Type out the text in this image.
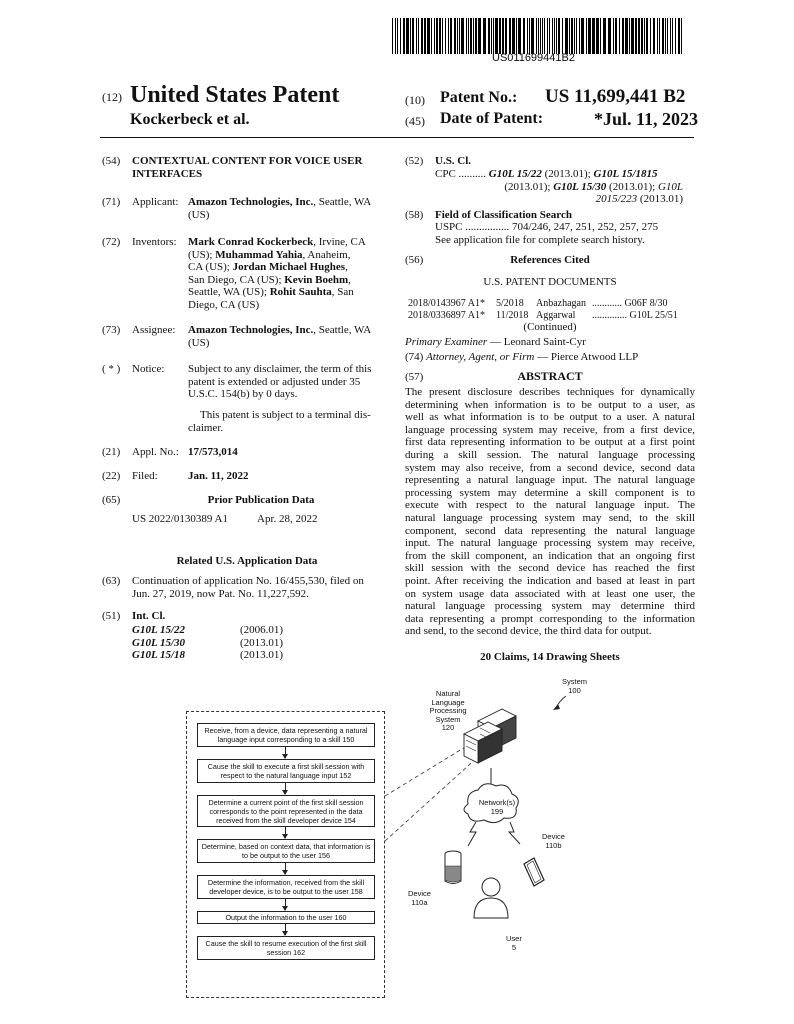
US011699441B2
(12) United States Patent
Kockerbeck et al.
(10) Patent No.: US 11,699,441 B2
(45) Date of Patent:	*Jul. 11, 2023
(54) CONTEXTUAL CONTENT FOR VOICE USER INTERFACES
(71) Applicant: Amazon Technologies, Inc., Seattle, WA (US)
(72) Inventors: Mark Conrad Kockerbeck, Irvine, CA
(US); Muhammad Yahia, Anaheim,
CA (US); Jordan Michael Hughes,
San Diego, CA (US); Kevin Boehm,
Seattle, WA (US); Rohit Sauhta, San
Diego, CA (US)
(73) Assignee: Amazon Technologies, Inc., Seattle, WA (US)
( * ) Notice: Subject to any disclaimer, the term of this
patent is extended or adjusted under 35
U.S.C. 154(b) by 0 days.
This patent is subject to a terminal dis-
claimer.
(21) Appl. No.: 17/573,014
(22) Filed:	Jan. 11, 2022
(65)	Prior Publication Data
US 2022/0130389 A1	Apr. 28, 2022
Related U.S. Application Data
(63) Continuation of application No. 16/455,530, filed on
Jun. 27, 2019, now Pat. No. 11,227,592.
(51) Int. Cl.
G10L 15/22	(2006.01)
G10L 15/30	(2013.01)
G10L 15/18	(2013.01)
(52) U.S. Cl.
CPC .......... G10L 15/22 (2013.01); G10L 15/1815
(2013.01); G10L 15/30 (2013.01); G10L
2015/223 (2013.01)
(58) Field of Classification Search
USPC ................ 704/246, 247, 251, 252, 257, 275
See application file for complete search history.
(56)	References Cited
U.S. PATENT DOCUMENTS
2018/0143967 A1* 5/2018 Anbazhagan ............ G06F 8/30
2018/0336897 A1* 11/2018 Aggarwal .............. G10L 25/51
(Continued)
Primary Examiner — Leonard Saint-Cyr
(74) Attorney, Agent, or Firm — Pierce Atwood LLP
(57)	ABSTRACT
The present disclosure describes techniques for dynamically
determining when information is to be output to a user, as
well as what information is to be output to a user. A natural
language processing system may receive, from a first device,
first data representing information to be output at a first point
during a skill session. The natural language processing
system may also receive, from a second device, second data
representing a natural language input. The natural language
processing system may determine a skill component is to
execute with respect to the natural language input. The
natural language processing system may send, to the skill
component, second data representing the natural language
input. The natural language processing system may receive,
from the skill component, an indication that an ongoing first
skill session with the second device has reached the first
point. After receiving the indication and based at least in part
on system usage data associated with at least one user, the
natural language processing system may determine third
data representing a prompt corresponding to the information
and send, to the second device, the third data for output.
20 Claims, 14 Drawing Sheets
Receive, from a device, data representing a natural language input corresponding to a skill 150
Cause the skill to execute a first skill session with respect to the natural language input 152
Determine a current point of the first skill session corresponds to the point represented in the data received from the skill developer device 154
Determine, based on context data, that information is to be output to the user 156
Determine the information, received from the skill developer device, is to be output to the user 158
Output the information to the user 160
Cause the skill to resume execution of the first skill session 162
System
100
Natural Language Processing System
120
Network(s)
199
Device
110b
Device
110a
User
5
